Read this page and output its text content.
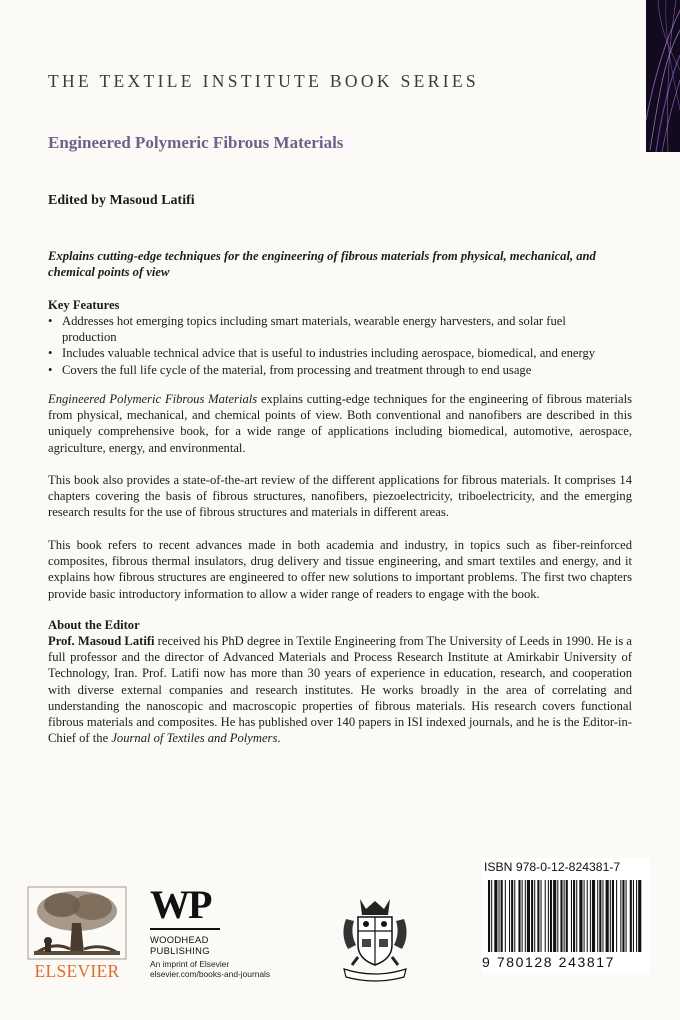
THE TEXTILE INSTITUTE BOOK SERIES
Engineered Polymeric Fibrous Materials
Edited by Masoud Latifi
Explains cutting-edge techniques for the engineering of fibrous materials from physical, mechanical, and chemical points of view
Key Features
• Addresses hot emerging topics including smart materials, wearable energy harvesters, and solar fuel production
• Includes valuable technical advice that is useful to industries including aerospace, biomedical, and energy
• Covers the full life cycle of the material, from processing and treatment through to end usage
Engineered Polymeric Fibrous Materials explains cutting-edge techniques for the engineering of fibrous materials from physical, mechanical, and chemical points of view. Both conventional and nanofibers are described in this uniquely comprehensive book, for a wide range of applications including biomedical, automotive, aerospace, agriculture, energy, and environmental.
This book also provides a state-of-the-art review of the different applications for fibrous materials. It comprises 14 chapters covering the basis of fibrous structures, nanofibers, piezoelectricity, triboelectricity, and the emerging research results for the use of fibrous structures and materials in different areas.
This book refers to recent advances made in both academia and industry, in topics such as fiber-reinforced composites, fibrous thermal insulators, drug delivery and tissue engineering, and smart textiles and energy, and it explains how fibrous structures are engineered to offer new solutions to important problems. The first two chapters provide basic introductory information to allow a wider range of readers to engage with the book.
About the Editor
Prof. Masoud Latifi received his PhD degree in Textile Engineering from The University of Leeds in 1990. He is a full professor and the director of Advanced Materials and Process Research Institute at Amirkabir University of Technology, Iran. Prof. Latifi now has more than 30 years of experience in education, research, and cooperation with diverse external companies and research institutes. He works broadly in the area of correlating and understanding the nanoscopic and macroscopic properties of fibrous materials. His research covers functional fibrous materials and composites. He has published over 140 papers in ISI indexed journals, and he is the Editor-in-Chief of the Journal of Textiles and Polymers.
ELSEVIER
WP
WOODHEAD
PUBLISHING
An imprint of Elsevier
elsevier.com/books-and-journals
ISBN 978-0-12-824381-7
9 780128 243817
